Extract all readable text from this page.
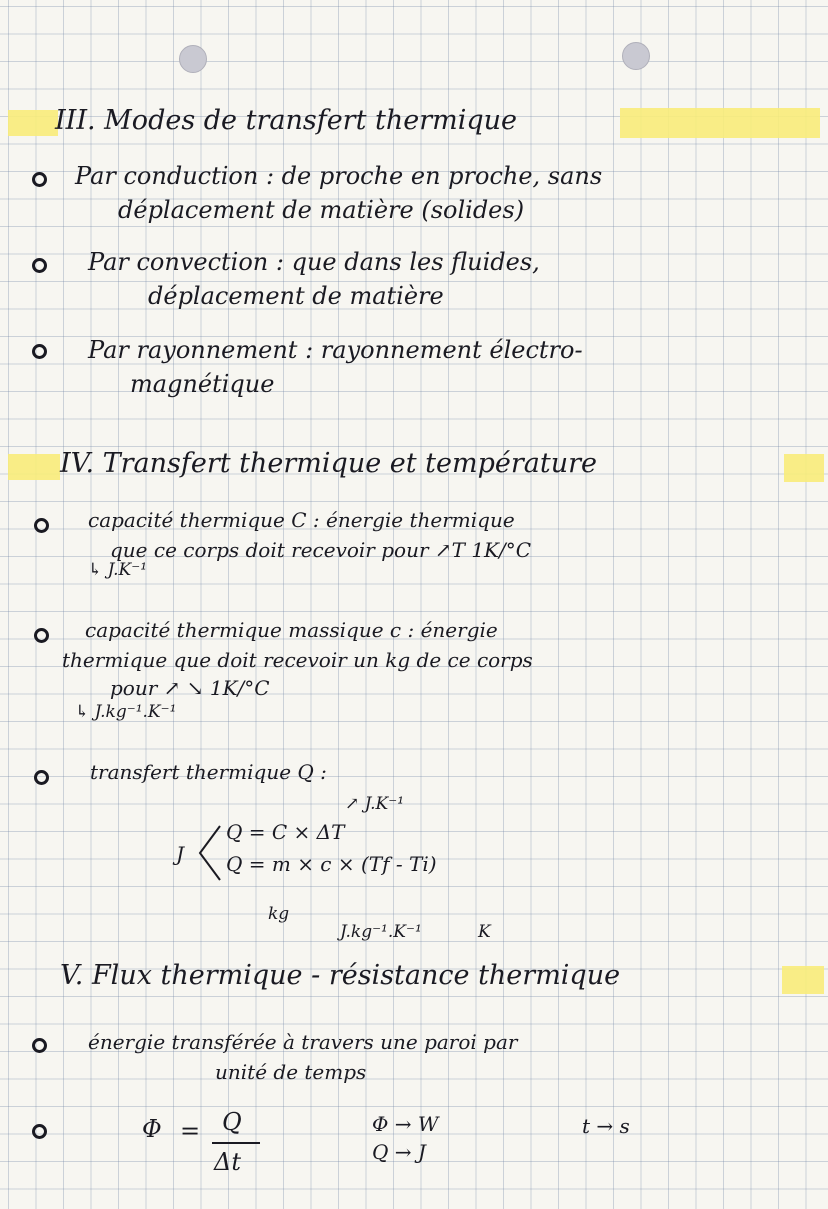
III. Modes de transfert thermique
Par conduction : de proche en proche, sans
déplacement de matière (solides)
Par convection : que dans les fluides,
déplacement de matière
Par rayonnement : rayonnement électro-
magnétique
IV. Transfert thermique et température
capacité thermique C : énergie thermique
que ce corps doit recevoir pour ↗T 1K/°C
↳ J.K⁻¹
capacité thermique massique c : énergie
thermique que doit recevoir un kg de ce corps
pour ↗ ↘ 1K/°C
↳ J.kg⁻¹.K⁻¹
transfert thermique Q :
↗ J.K⁻¹
J
Q = C × ΔT
Q = m × c × (Tf - Ti)
kg
J.kg⁻¹.K⁻¹	K
V. Flux thermique - résistance thermique
énergie transférée à travers une paroi par
unité de temps
Φ = Q
Δt
Φ → W
Q → J
t → s
